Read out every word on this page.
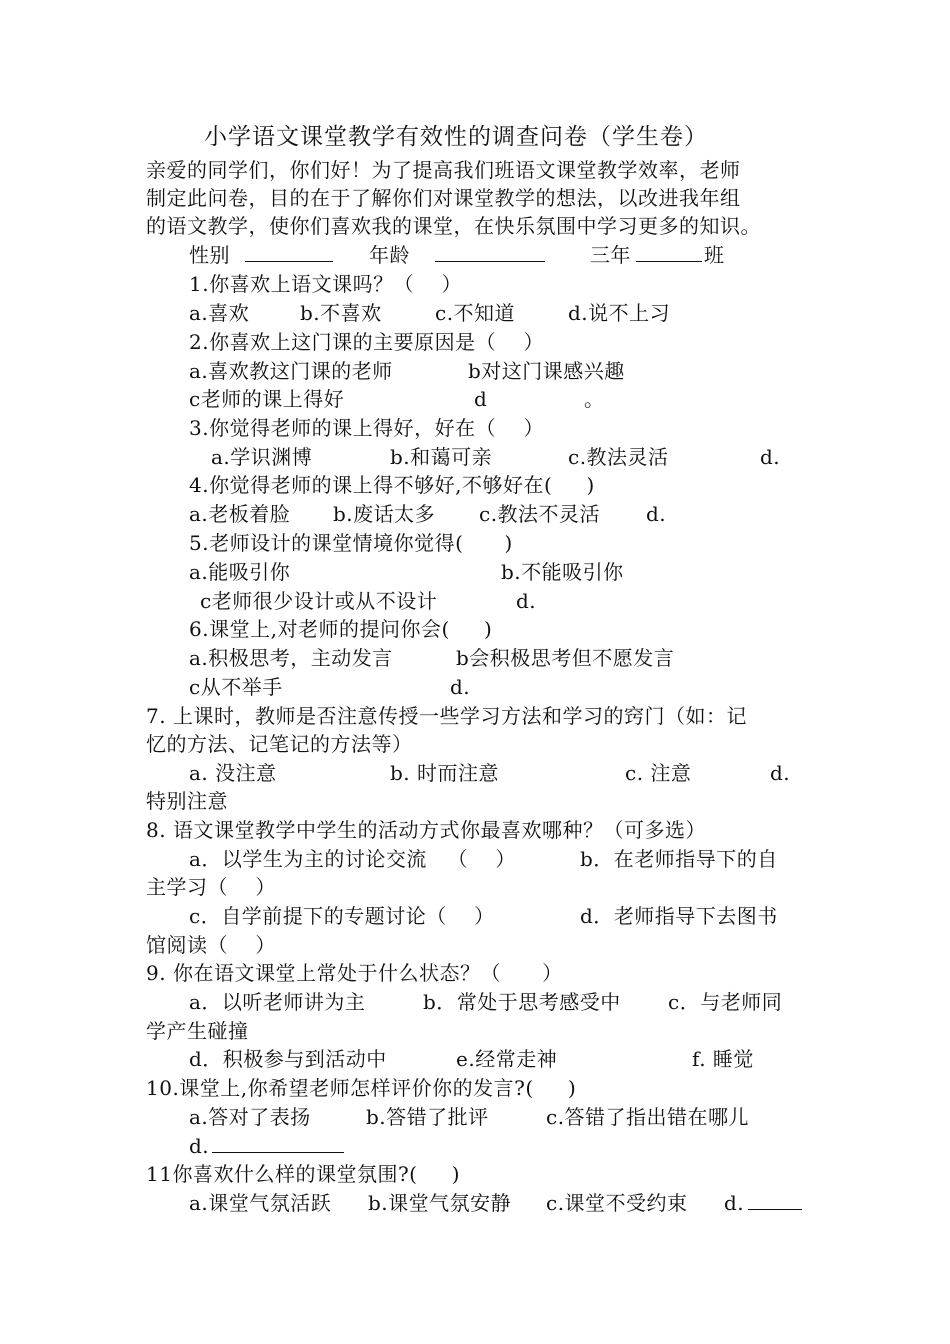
小学语文课堂教学有效性的调查问卷（学生卷）
亲爱的同学们，你们好！为了提高我们班语文课堂教学效率，老师
制定此问卷，目的在于了解你们对课堂教学的想法，以改进我年组
的语文教学，使你们喜欢我的课堂，在快乐氛围中学习更多的知识。
性别	年龄	三年	班
1.你喜欢上语文课吗？（    ）
a.喜欢	b.不喜欢	c.不知道	d.说不上习
2.你喜欢上这门课的主要原因是（    ）
a.喜欢教这门课的老师	b对这门课感兴趣
c老师的课上得好	d	。
3.你觉得老师的课上得好，好在（    ）
a.学识渊博	b.和蔼可亲	c.教法灵活	d.
4.你觉得老师的课上得不够好,不够好在(     )
a.老板着脸 b.废话太多 c.教法不灵活 d.
5.老师设计的课堂情境你觉得(      )
a.能吸引你	b.不能吸引你
c老师很少设计或从不设计	d.
6.课堂上,对老师的提问你会(     )
a.积极思考，主动发言	b会积极思考但不愿发言
c从不举手	d.
7. 上课时，教师是否注意传授一些学习方法和学习的窍门（如：记
忆的方法、记笔记的方法等）
a. 没注意	b. 时而注意	c. 注意	d.
特别注意
8. 语文课堂教学中学生的活动方式你最喜欢哪种？（可多选）
a．以学生为主的讨论交流   （    ）	b．在老师指导下的自
主学习（    ）
c．自学前提下的专题讨论（    ）	d．老师指导下去图书
馆阅读（    ）
9. 你在语文课堂上常处于什么状态？（      ）
a．以听老师讲为主	b．常处于思考感受中 c．与老师同
学产生碰撞
d．积极参与到活动中	e.经常走神	f. 睡觉
10.课堂上,你希望老师怎样评价你的发言?(     )
a.答对了表扬	b.答错了批评	c.答错了指出错在哪儿
d.
11你喜欢什么样的课堂氛围?(     )
a.课堂气氛活跃 b.课堂气氛安静 c.课堂不受约束 d.
